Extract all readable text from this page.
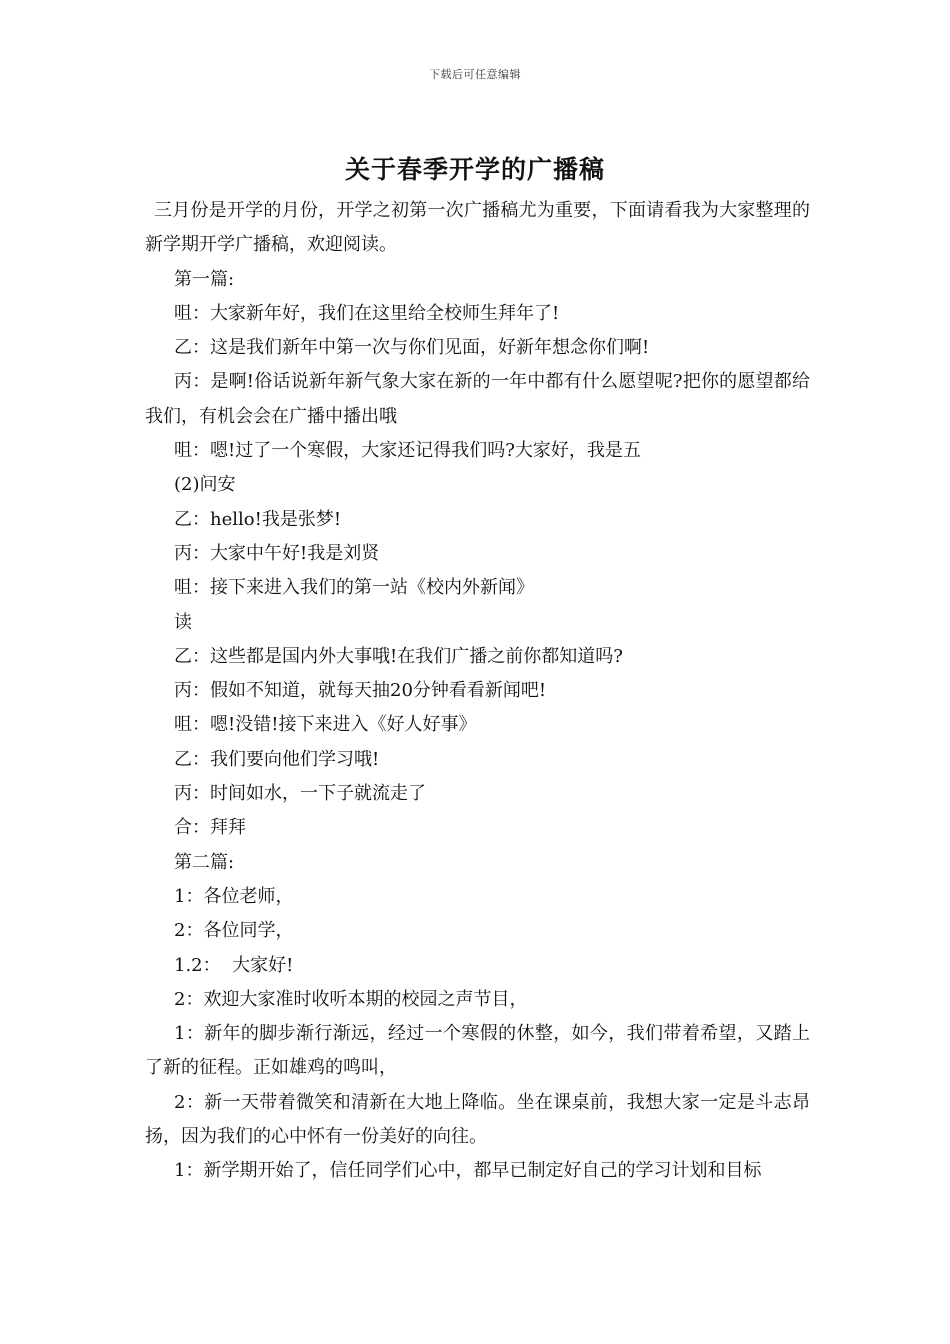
下载后可任意编辑
关于春季开学的广播稿

三月份是开学的月份，开学之初第一次广播稿尤为重要，下面请看我为大家整理的新学期开学广播稿，欢迎阅读。

第一篇:

咀：大家新年好，我们在这里给全校师生拜年了!

乙：这是我们新年中第一次与你们见面，好新年想念你们啊!

丙：是啊!俗话说新年新气象大家在新的一年中都有什么愿望呢?把你的愿望都给我们，有机会会在广播中播出哦

咀：嗯!过了一个寒假，大家还记得我们吗?大家好，我是五

(2)问安

乙：hello!我是张梦!

丙：大家中午好!我是刘贤

咀：接下来进入我们的第一站《校内外新闻》

读

乙：这些都是国内外大事哦!在我们广播之前你都知道吗?

丙：假如不知道，就每天抽20分钟看看新闻吧!

咀：嗯!没错!接下来进入《好人好事》

乙：我们要向他们学习哦!

丙：时间如水，一下子就流走了

合：拜拜

第二篇:

1：各位老师，

2：各位同学，

1.2：  大家好!

2：欢迎大家准时收听本期的校园之声节目，

1：新年的脚步渐行渐远，经过一个寒假的休整，如今，我们带着希望，又踏上了新的征程。正如雄鸡的鸣叫，

2：新一天带着微笑和清新在大地上降临。坐在课桌前，我想大家一定是斗志昂扬，因为我们的心中怀有一份美好的向往。

1：新学期开始了，信任同学们心中，都早已制定好自己的学习计划和目标
